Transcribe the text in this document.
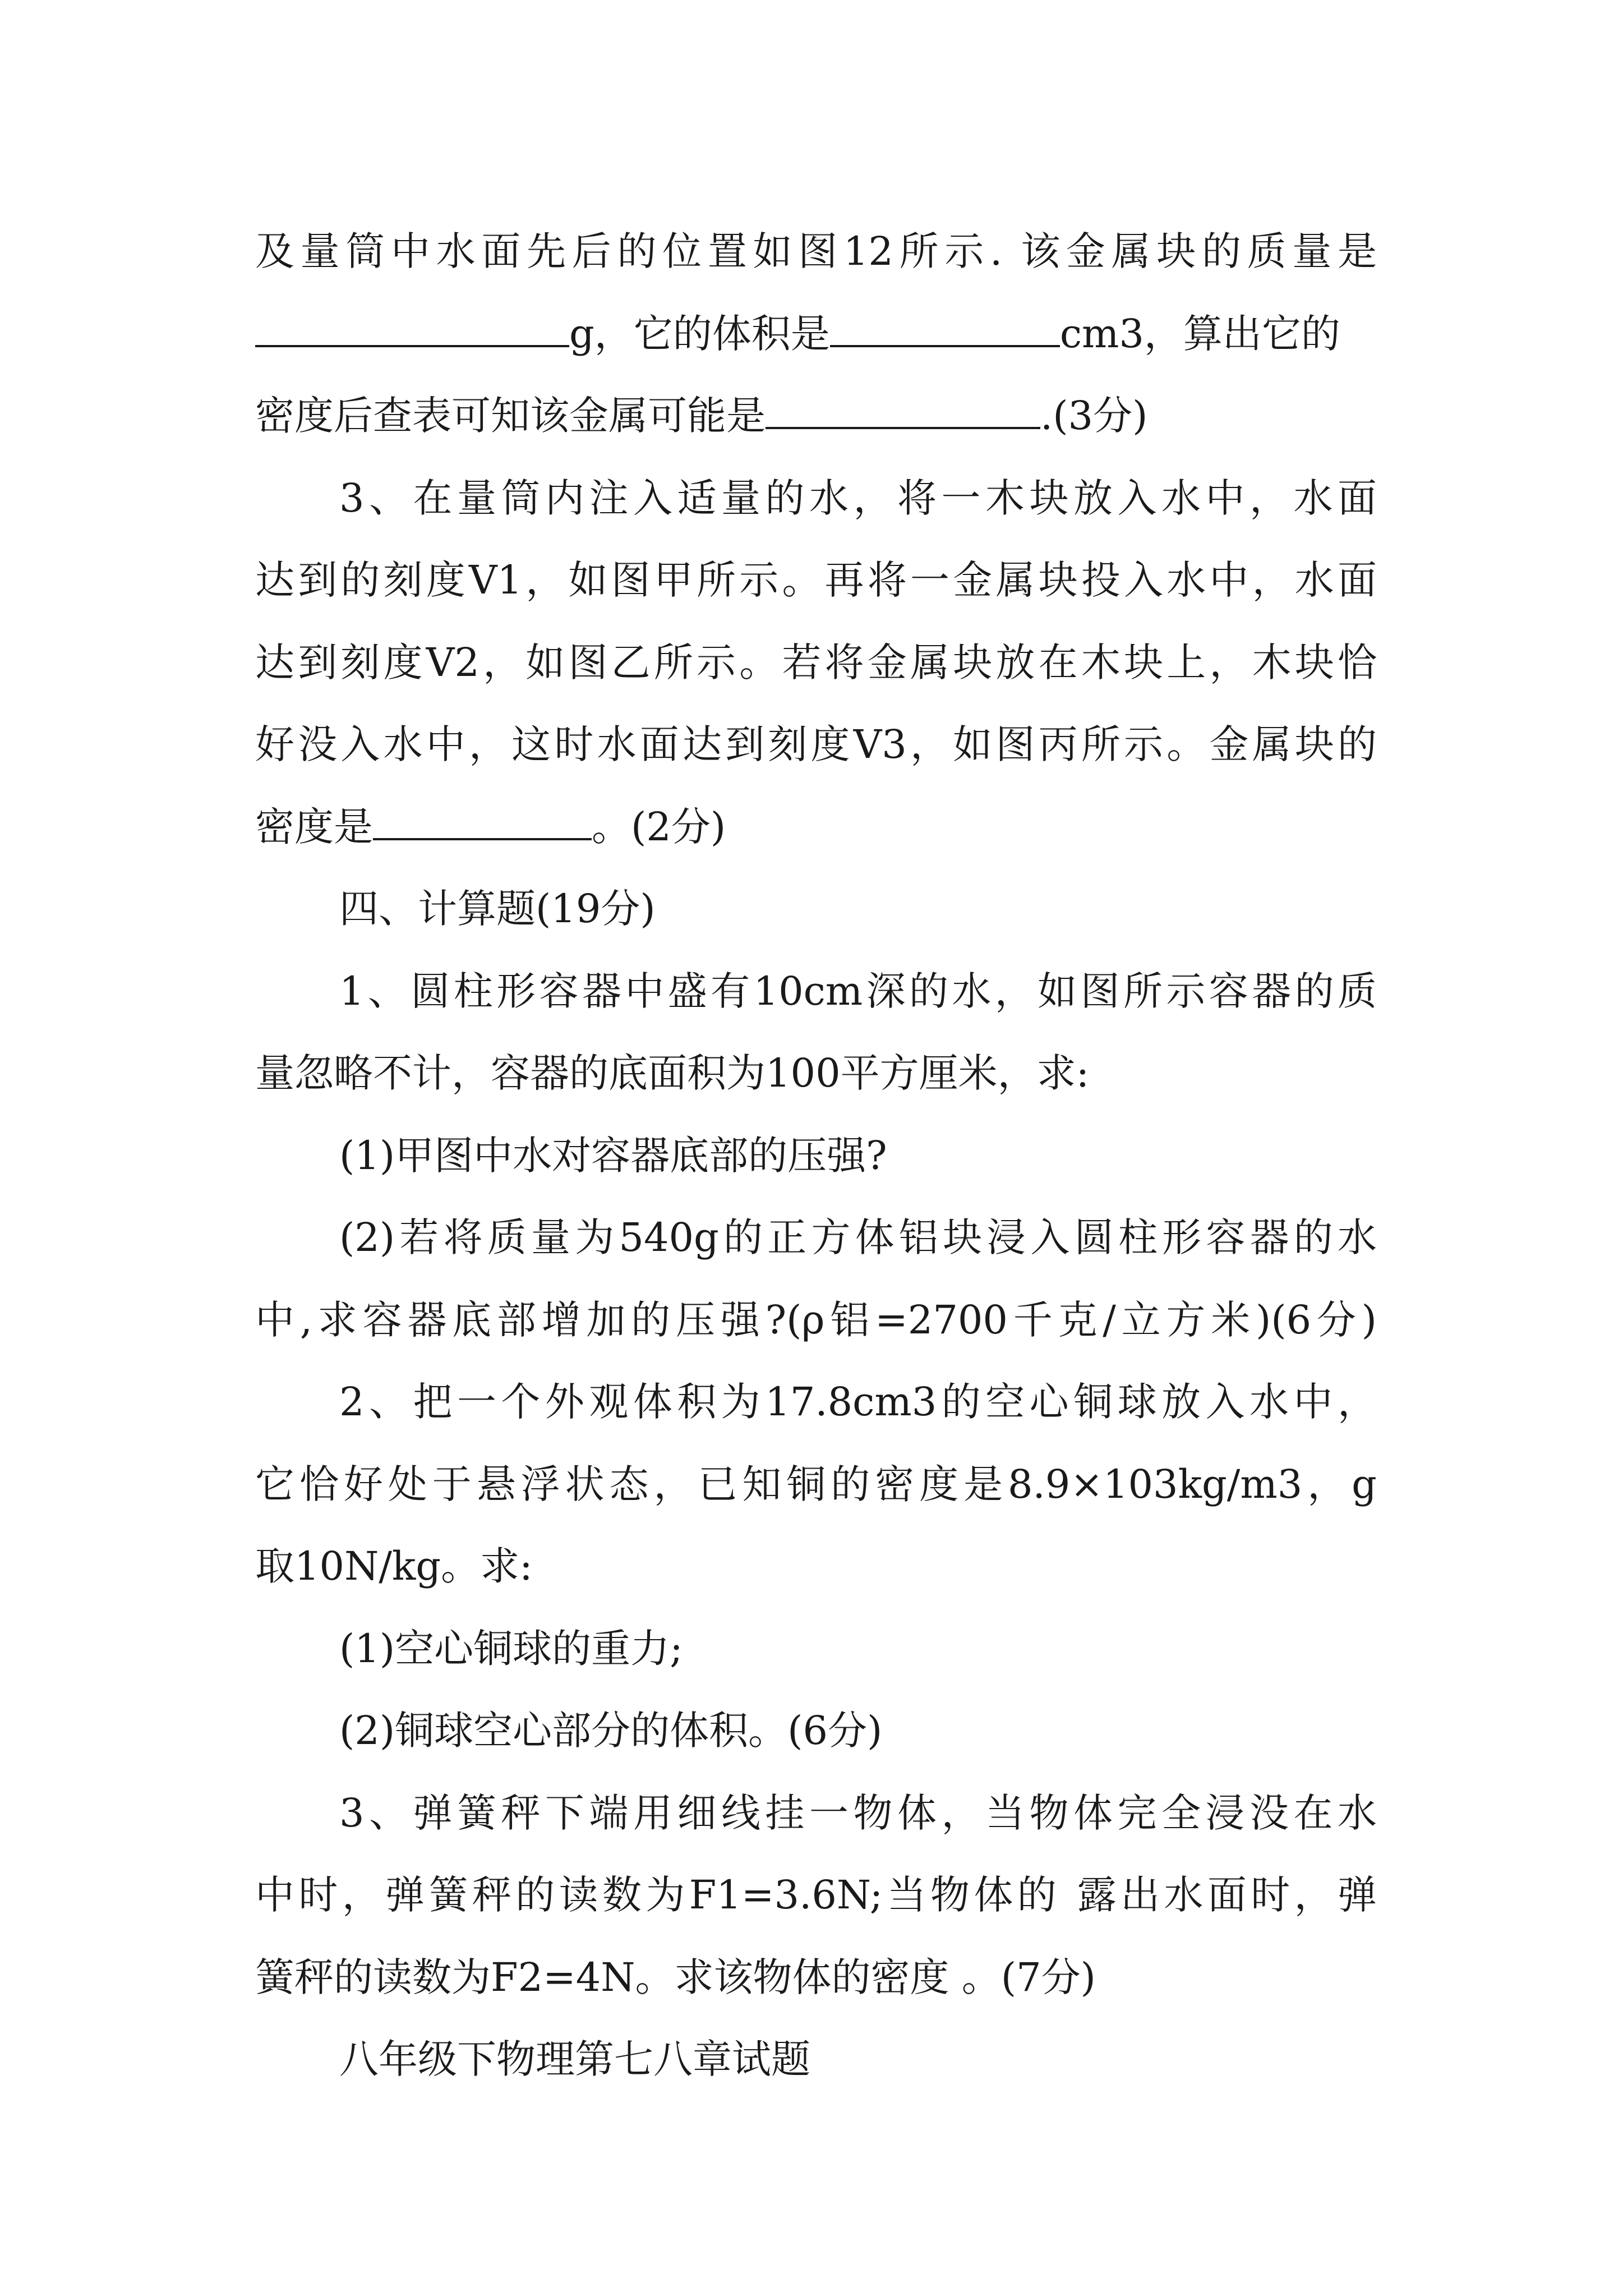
及量筒中水面先后的位置如图12所示. 该金属块的质量是
g，它的体积是	cm3，算出它的
密度后查表可知该金属可能是	.(3分)
3、在量筒内注入适量的水，将一木块放入水中，水面
达到的刻度V1，如图甲所示。再将一金属块投入水中，水面
达到刻度V2，如图乙所示。若将金属块放在木块上，木块恰
好没入水中，这时水面达到刻度V3，如图丙所示。金属块的
密度是	。(2分)
四、计算题(19分)
1、圆柱形容器中盛有10cm深的水，如图所示容器的质
量忽略不计，容器的底面积为100平方厘米，求:
(1)甲图中水对容器底部的压强?
(2)若将质量为540g的正方体铝块浸入圆柱形容器的水
中,求容器底部增加的压强?(ρ铝=2700千克/立方米)(6分)
2、把一个外观体积为17.8cm3的空心铜球放入水中，
它恰好处于悬浮状态，已知铜的密度是8.9×103kg/m3，g
取10N/kg。求:
(1)空心铜球的重力;
(2)铜球空心部分的体积。(6分)
3、弹簧秤下端用细线挂一物体，当物体完全浸没在水
中时，弹簧秤的读数为F1=3.6N;当物体的 露出水面时，弹
簧秤的读数为F2=4N。求该物体的密度 。(7分)
八年级下物理第七八章试题
